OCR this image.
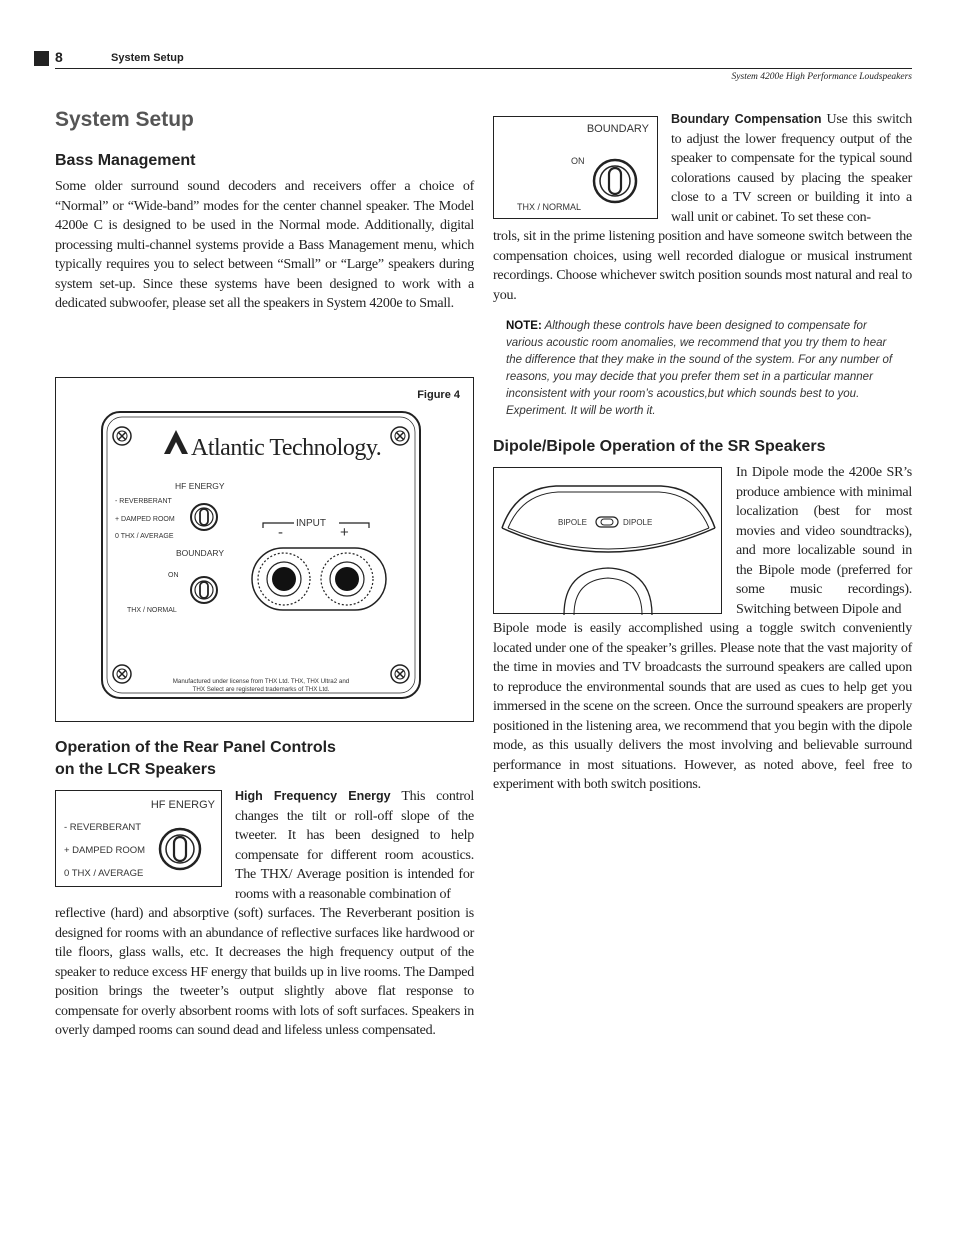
8	System Setup
System 4200e High Performance Loudspeakers
System Setup
Bass Management
Some older surround sound decoders and receivers offer a choice of “Normal” or “Wide-band” modes for the center channel speaker. The Model 4200e C is designed to be used in the Normal mode. Additionally, digital processing multi-channel systems provide a Bass Management menu, which typically requires you to select between “Small” or “Large” speakers during system set-up. Since these systems have been designed to work with a dedicated subwoofer, please set all the speakers in System 4200e to Small.
Figure 4
Atlantic Technology.
HF ENERGY
- REVERBERANT
+ DAMPED ROOM
0 THX / AVERAGE
BOUNDARY
ON
THX / NORMAL
INPUT
-	+
Manufactured under license from THX Ltd. THX, THX Ultra2 and
THX Select are registered trademarks of THX Ltd.
Operation of the Rear Panel Controls
on the LCR Speakers
HF ENERGY
- REVERBERANT
+ DAMPED ROOM
0 THX / AVERAGE
High Frequency Energy This control changes the tilt or roll-off slope of the tweeter. It has been designed to help compensate for different room acoustics. The THX/ Average position is intended for rooms with a reasonable combination of
reflective (hard) and absorptive (soft) surfaces. The Reverberant position is designed for rooms with an abundance of reflective surfaces like hardwood or tile floors, glass walls, etc. It decreases the high frequency output of the speaker to reduce excess HF energy that builds up in live rooms. The Damped position brings the tweeter’s output slightly above flat response to compensate for overly absorbent rooms with lots of soft surfaces. Speakers in overly damped rooms can sound dead and lifeless unless compensated.
BOUNDARY
ON
THX / NORMAL
Boundary Compensation Use this switch to adjust the lower frequency output of the speaker to compensate for the typical sound colorations caused by placing the speaker close to a TV screen or building it into a wall unit or cabinet. To set these con-
trols, sit in the prime listening position and have someone switch between the compensation choices, using well recorded dialogue or musical instrument recordings. Choose whichever switch position sounds most natural and real to you.
NOTE: Although these controls have been designed to compensate for various acoustic room anomalies, we recommend that you try them to hear the difference that they make in the sound of the system. For any number of reasons, you may decide that you prefer them set in a particular manner inconsistent with your room’s acoustics,but which sounds best to you. Experiment. It will be worth it.
Dipole/Bipole Operation of the SR Speakers
BIPOLE	DIPOLE
In Dipole mode the 4200e SR’s produce ambience with minimal localization (best for most movies and video soundtracks), and more localizable sound in the Bipole mode (preferred for some music recordings). Switching between Dipole and
Bipole mode is easily accomplished using a toggle switch conveniently located under one of the speaker’s grilles. Please note that the vast majority of the time in movies and TV broadcasts the surround speakers are called upon to reproduce the environmental sounds that are used as cues to help get you immersed in the scene on the screen. Once the surround speakers are properly positioned in the listening area, we recommend that you begin with the dipole mode, as this usually delivers the most involving and believable surround performance in most situations. However, as noted above, feel free to experiment with both switch positions.
